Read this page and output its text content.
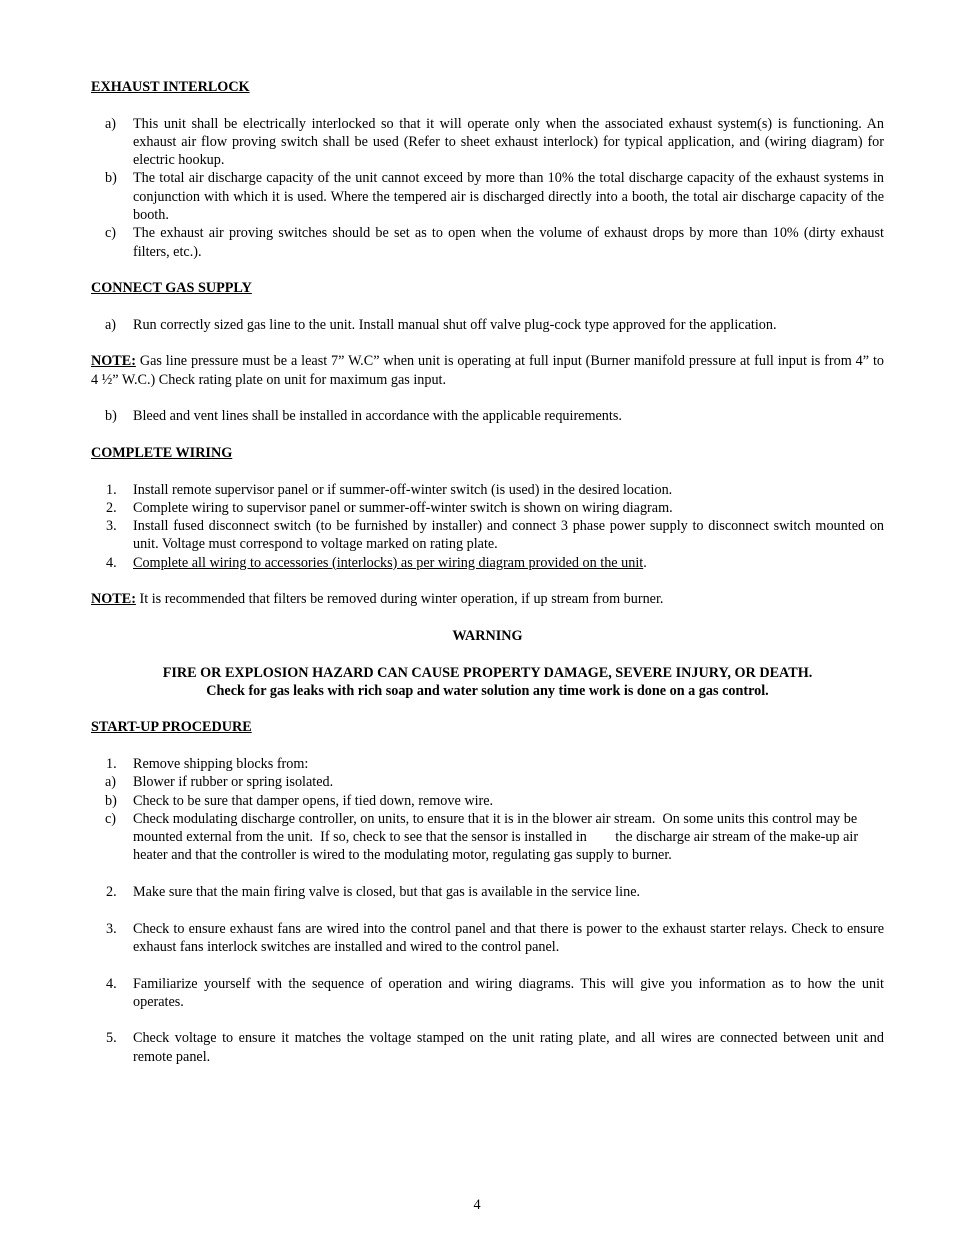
EXHAUST INTERLOCK

a)	This unit shall be electrically interlocked so that it will operate only when the associated exhaust system(s) is functioning. An exhaust air flow proving switch shall be used (Refer to sheet exhaust interlock) for typical application, and (wiring diagram) for electric hookup.
b)	The total air discharge capacity of the unit cannot exceed by more than 10% the total discharge capacity of the exhaust systems in conjunction with which it is used. Where the tempered air is discharged directly into a booth, the total air discharge capacity of the booth.
c)	The exhaust air proving switches should be set as to open when the volume of exhaust drops by more than 10% (dirty exhaust filters, etc.).

CONNECT GAS SUPPLY

a)	Run correctly sized gas line to the unit. Install manual shut off valve plug-cock type approved for the application.

NOTE: Gas line pressure must be a least 7” W.C” when unit is operating at full input (Burner manifold pressure at full input is from 4” to 4 ½” W.C.) Check rating plate on unit for maximum gas input.

b)	Bleed and vent lines shall be installed in accordance with the applicable requirements.

COMPLETE WIRING

1.	Install remote supervisor panel or if summer-off-winter switch (is used) in the desired location.
2.	Complete wiring to supervisor panel or summer-off-winter switch is shown on wiring diagram.
3.	Install fused disconnect switch (to be furnished by installer) and connect 3 phase power supply to disconnect switch mounted on unit. Voltage must correspond to voltage marked on rating plate.
4.	Complete all wiring to accessories (interlocks) as per wiring diagram provided on the unit.

NOTE: It is recommended that filters be removed during winter operation, if up stream from burner.

WARNING

FIRE OR EXPLOSION HAZARD CAN CAUSE PROPERTY DAMAGE, SEVERE INJURY, OR DEATH.

Check for gas leaks with rich soap and water solution any time work is done on a gas control.

START-UP PROCEDURE

1.	Remove shipping blocks from:
a)	Blower if rubber or spring isolated.
b)	Check to be sure that damper opens, if tied down, remove wire.
c)	Check modulating discharge controller, on units, to ensure that it is in the blower air stream.  On some units this control may be mounted external from the unit.  If so, check to see that the sensor is installed in        the discharge air stream of the make-up air heater and that the controller is wired to the modulating motor, regulating gas supply to burner.
2.	Make sure that the main firing valve is closed, but that gas is available in the service line.
3.	Check to ensure exhaust fans are wired into the control panel and that there is power to the exhaust starter relays. Check to ensure exhaust fans interlock switches are installed and wired to the control panel.
4.	Familiarize yourself with the sequence of operation and wiring diagrams. This will give you information as to how the unit operates.
5.	Check voltage to ensure it matches the voltage stamped on the unit rating plate, and all wires are connected between unit and remote panel.
4
